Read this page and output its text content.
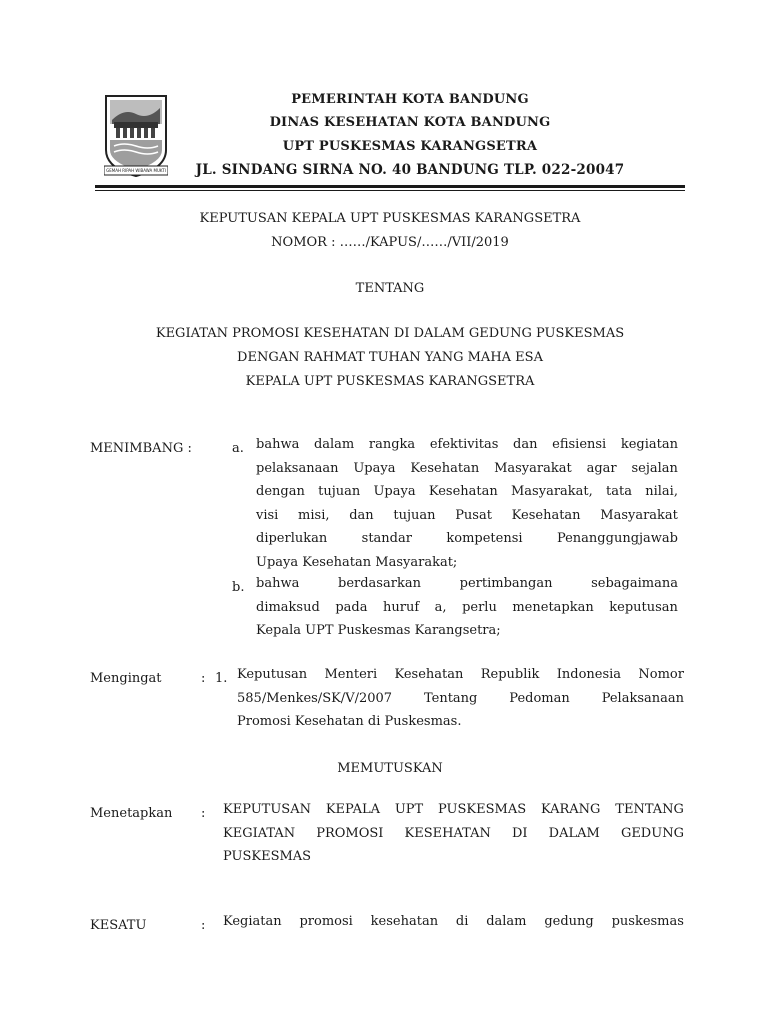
GEMAH RIPAH WIBAWA MUKTI
PEMERINTAH KOTA BANDUNG
DINAS KESEHATAN KOTA BANDUNG
UPT PUSKESMAS KARANGSETRA
JL. SINDANG SIRNA NO. 40 BANDUNG TLP. 022-20047
KEPUTUSAN KEPALA UPT PUSKESMAS KARANGSETRA
NOMOR : ……/KAPUS/……/VII/2019
TENTANG
KEGIATAN PROMOSI KESEHATAN DI DALAM GEDUNG PUSKESMAS
DENGAN RAHMAT TUHAN YANG MAHA ESA
KEPALA UPT PUSKESMAS KARANGSETRA
MENIMBANG :	a. bahwa dalam rangka efektivitas dan efisiensi kegiatan
pelaksanaan Upaya Kesehatan Masyarakat agar sejalan
dengan tujuan Upaya Kesehatan Masyarakat, tata nilai,
visi misi, dan tujuan Pusat Kesehatan Masyarakat
diperlukan	standar	kompetensi	Penanggungjawab
Upaya Kesehatan Masyarakat;
b. bahwa	berdasarkan	pertimbangan	sebagaimana
dimaksud pada huruf a, perlu menetapkan keputusan
Kepala UPT Puskesmas Karangsetra;
Mengingat	: 1. Keputusan Menteri Kesehatan Republik Indonesia Nomor
585/Menkes/SK/V/2007 Tentang Pedoman Pelaksanaan
Promosi Kesehatan di Puskesmas.
MEMUTUSKAN
Menetapkan : KEPUTUSAN KEPALA UPT PUSKESMAS KARANG TENTANG
KEGIATAN PROMOSI KESEHATAN DI DALAM GEDUNG
PUSKESMAS
KESATU	: Kegiatan promosi kesehatan di dalam gedung puskesmas
